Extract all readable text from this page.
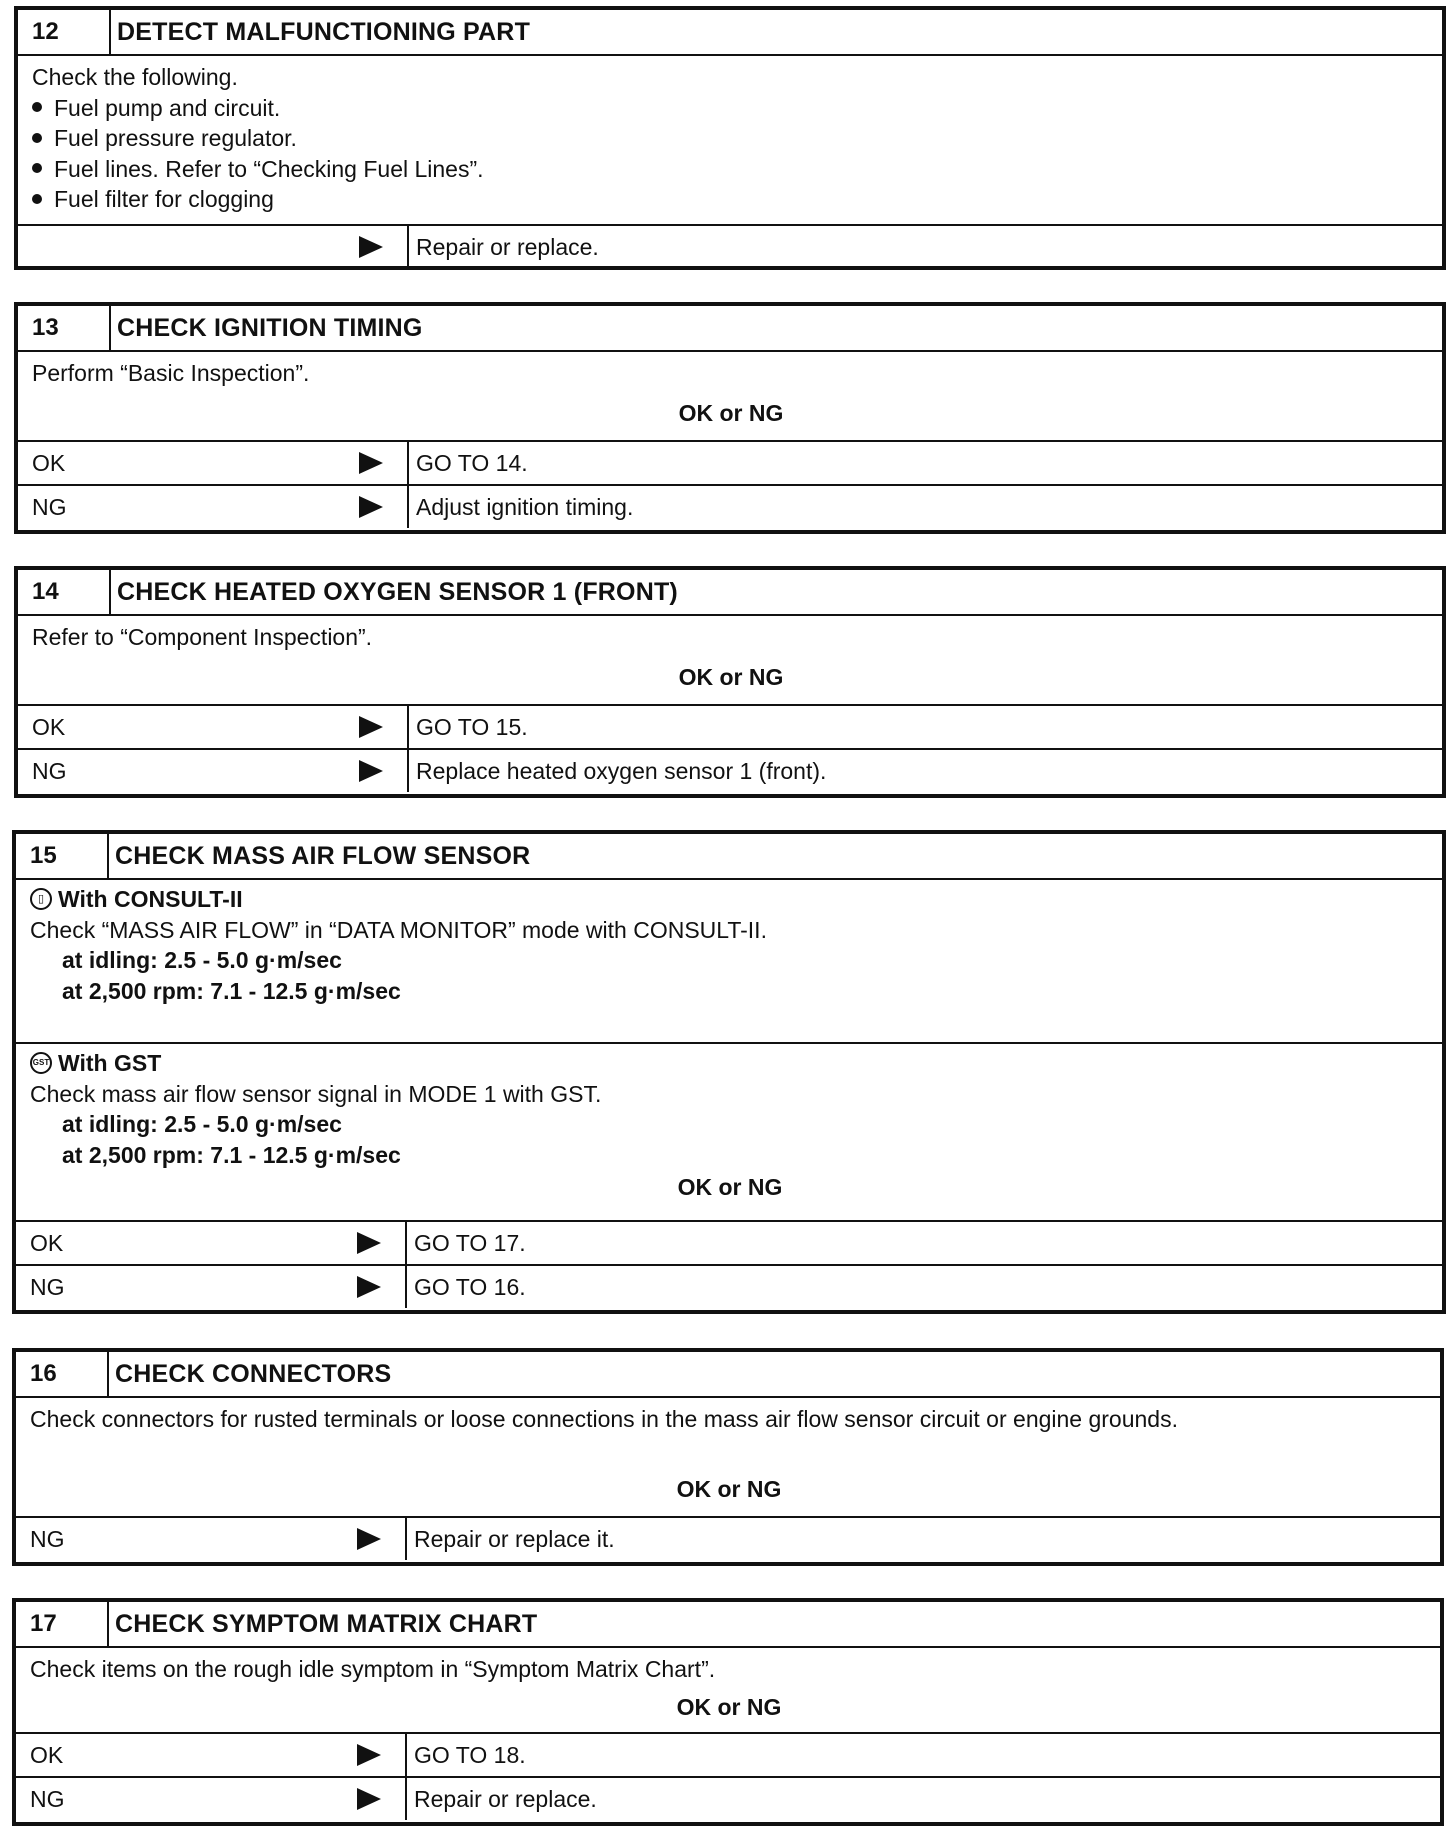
12	DETECT MALFUNCTIONING PART
Check the following.
Fuel pump and circuit.
Fuel pressure regulator.
Fuel lines. Refer to “Checking Fuel Lines”.
Fuel filter for clogging
Repair or replace.
13	CHECK IGNITION TIMING
Perform “Basic Inspection”.
OK or NG
OK	GO TO 14.
NG	Adjust ignition timing.
14	CHECK HEATED OXYGEN SENSOR 1 (FRONT)
Refer to “Component Inspection”.
OK or NG
OK	GO TO 15.
NG	Replace heated oxygen sensor 1 (front).
15	CHECK MASS AIR FLOW SENSOR
▯ With CONSULT-II
Check “MASS AIR FLOW” in “DATA MONITOR” mode with CONSULT-II.
at idling: 2.5 - 5.0 g·m/sec
at 2,500 rpm: 7.1 - 12.5 g·m/sec
GST With GST
Check mass air flow sensor signal in MODE 1 with GST.
at idling: 2.5 - 5.0 g·m/sec
at 2,500 rpm: 7.1 - 12.5 g·m/sec
OK or NG
OK	GO TO 17.
NG	GO TO 16.
16	CHECK CONNECTORS
Check connectors for rusted terminals or loose connections in the mass air flow sensor circuit or engine grounds.
OK or NG
NG	Repair or replace it.
17	CHECK SYMPTOM MATRIX CHART
Check items on the rough idle symptom in “Symptom Matrix Chart”.
OK or NG
OK	GO TO 18.
NG	Repair or replace.
